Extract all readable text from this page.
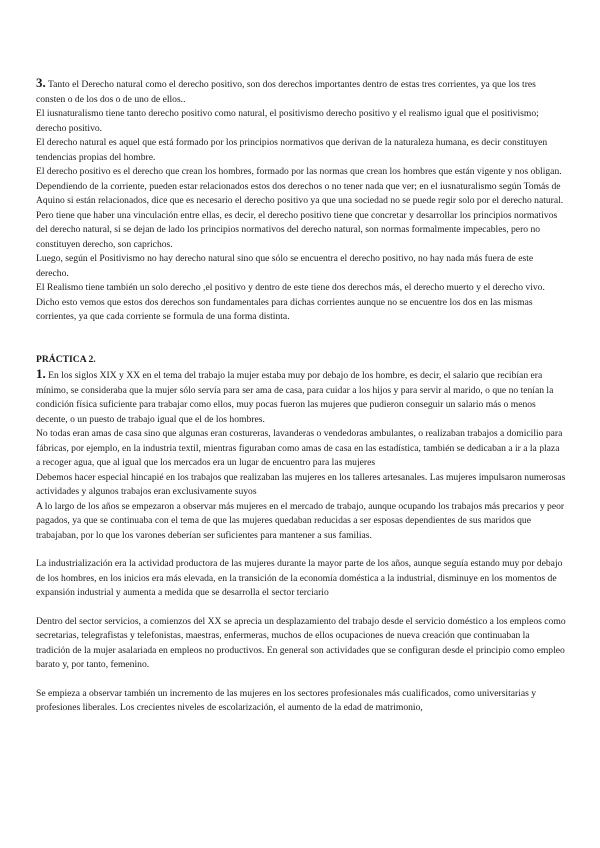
3. Tanto el Derecho natural como el derecho positivo, son dos derechos importantes dentro de estas tres corrientes, ya que los tres consten o de los dos o de uno de ellos..

El iusnaturalismo tiene tanto derecho positivo como natural, el positivismo derecho positivo y el realismo igual que el positivismo; derecho positivo.

El derecho natural es aquel que está formado por los principios normativos que derivan de la naturaleza humana, es decir constituyen tendencias propias del hombre.

El derecho positivo es el derecho que crean los hombres, formado por las normas que crean los hombres que están vigente y nos obligan.

Dependiendo de la corriente, pueden estar relacionados estos dos derechos o no tener nada que ver; en el iusnaturalismo según Tomás de Aquino si están relacionados, dice que es necesario el derecho positivo ya que una sociedad no se puede regir solo por el derecho natural.

Pero tiene que haber una vinculación entre ellas, es decir, el derecho positivo tiene que concretar y desarrollar los principios normativos del derecho natural, si se dejan de lado los principios normativos del derecho natural, son normas formalmente impecables, pero no constituyen derecho, son caprichos.

Luego, según el Positivismo no hay derecho natural sino que sólo se encuentra el derecho positivo, no hay nada más fuera de este derecho.

El Realismo tiene también un solo derecho ,el positivo y dentro de este tiene dos derechos más, el derecho muerto y el derecho vivo.

Dicho esto vemos que estos dos derechos son fundamentales para dichas corrientes aunque no se encuentre los dos en las mismas corrientes, ya que cada corriente se formula de una forma distinta.

PRÁCTICA 2.

1. En los siglos XIX y XX en el tema del trabajo la mujer estaba muy por debajo de los hombre, es decir, el salario que recibían era mínimo, se consideraba que la mujer sólo servía para ser ama de casa, para cuidar a los hijos y para servir al marido, o que no tenían la condición física suficiente para trabajar como ellos, muy pocas fueron las mujeres que pudieron conseguir un salario más o menos decente, o un puesto de trabajo igual que el de los hombres.

No todas eran amas de casa sino que algunas eran costureras, lavanderas o vendedoras ambulantes, o realizaban trabajos a domicilio para fábricas, por ejemplo, en la industria textil, mientras figuraban como amas de casa en las estadística, también se dedicaban a ir a la plaza a recoger agua, que al igual que los mercados era un lugar de encuentro para las mujeres

Debemos hacer especial hincapié en los trabajos que realizaban las mujeres en los talleres artesanales. Las mujeres impulsaron numerosas actividades y algunos trabajos eran exclusivamente suyos

A lo largo de los años se empezaron a observar más mujeres en el mercado de trabajo, aunque ocupando los trabajos más precarios y peor pagados, ya que se continuaba con el tema de que las mujeres quedaban reducidas a ser esposas dependientes de sus maridos que trabajaban, por lo que los varones deberían ser suficientes para mantener a sus familias.

La industrialización era la actividad productora de las mujeres durante la mayor parte de los años, aunque seguía estando muy por debajo de los hombres, en los inicios era más elevada, en la transición de la economía doméstica a la industrial, disminuye en los momentos de expansión industrial y aumenta a medida que se desarrolla el sector terciario

Dentro del sector servicios, a comienzos del XX se aprecia un desplazamiento del trabajo desde el servicio doméstico a los empleos como secretarias, telegrafistas y telefonistas, maestras, enfermeras, muchos de ellos ocupaciones de nueva creación que continuaban la tradición de la mujer asalariada en empleos no productivos. En general son actividades que se configuran desde el principio como empleo barato y, por tanto, femenino.

Se empieza a observar también un incremento de las mujeres en los sectores profesionales más cualificados, como universitarias y profesiones liberales. Los crecientes niveles de escolarización, el aumento de la edad de matrimonio,
